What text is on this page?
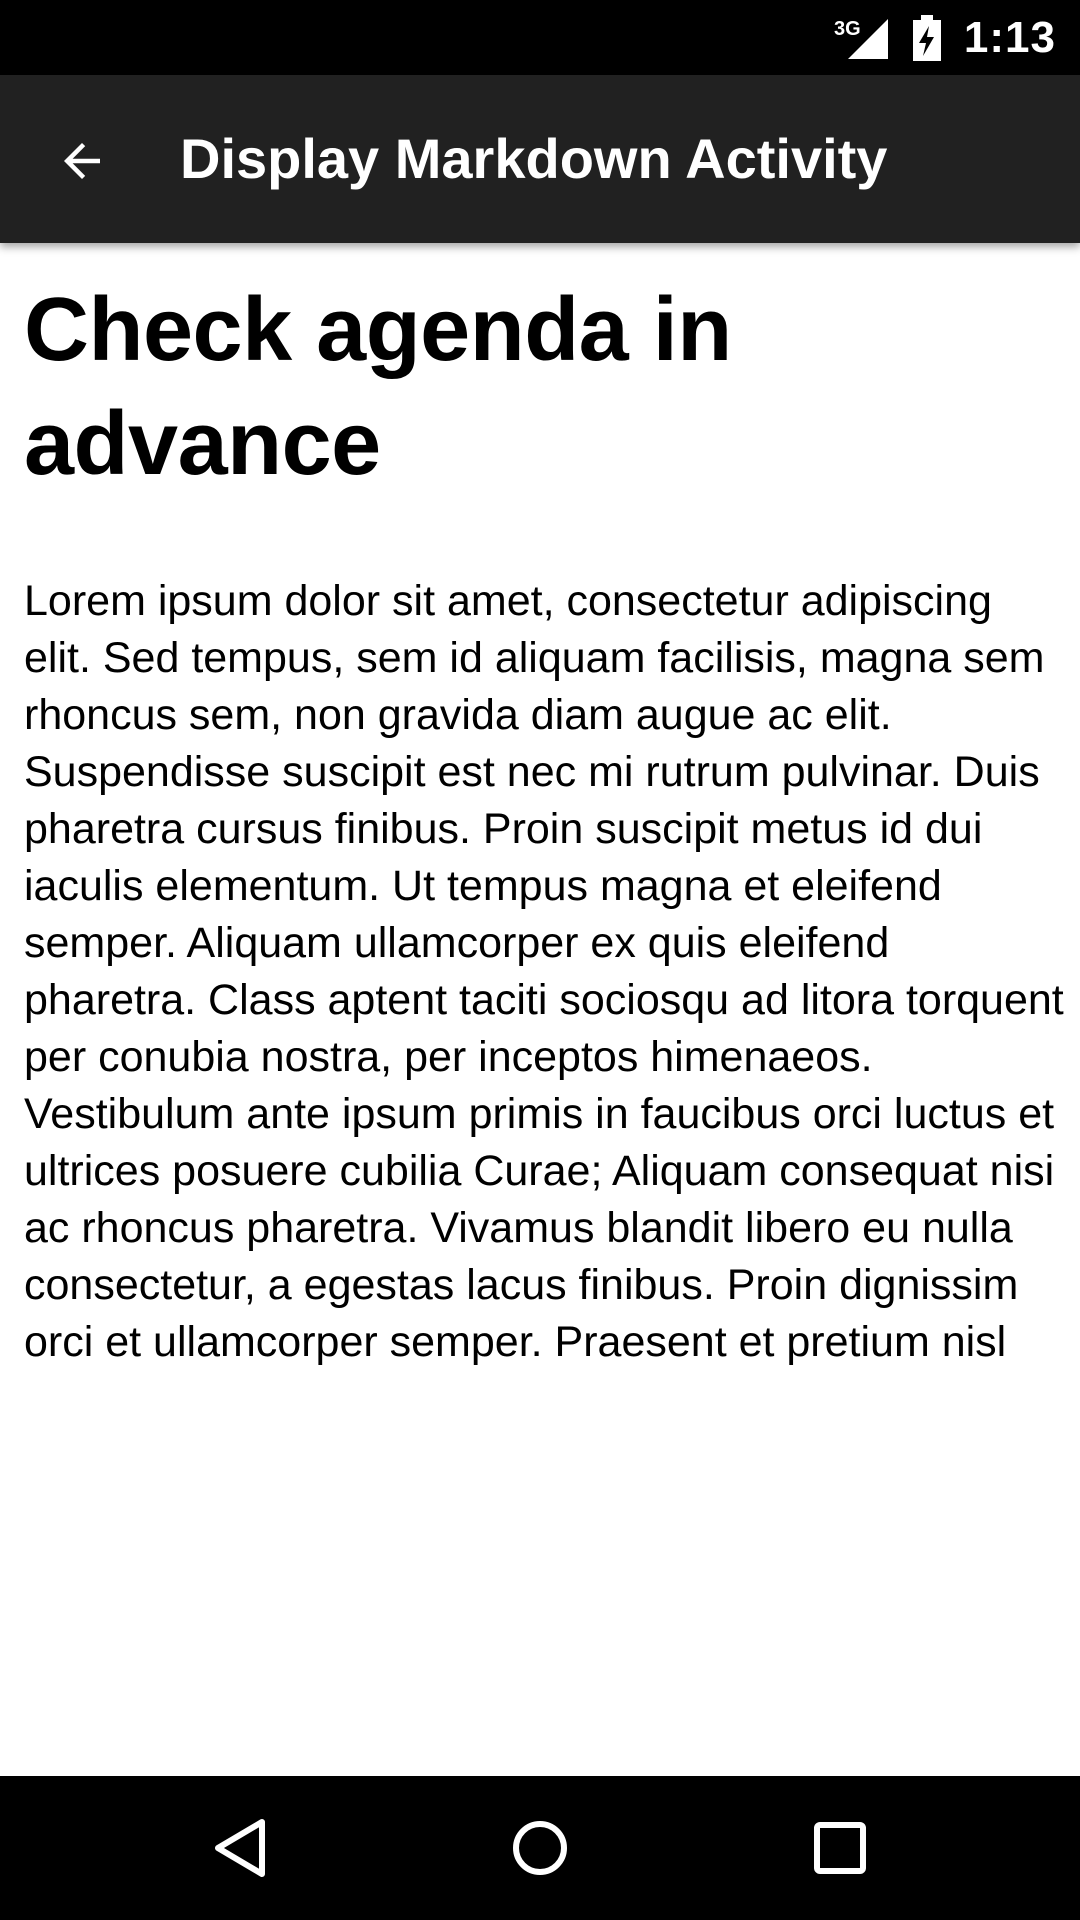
3G 1:13
Display Markdown Activity
Check agenda in advance

Lorem ipsum dolor sit amet, consectetur adipiscing elit. Sed tempus, sem id aliquam facilisis, magna sem rhoncus sem, non gravida diam augue ac elit. Suspendisse suscipit est nec mi rutrum pulvinar. Duis pharetra cursus finibus. Proin suscipit metus id dui iaculis elementum. Ut tempus magna et eleifend semper. Aliquam ullamcorper ex quis eleifend pharetra. Class aptent taciti sociosqu ad litora torquent per conubia nostra, per inceptos himenaeos. Vestibulum ante ipsum primis in faucibus orci luctus et ultrices posuere cubilia Curae; Aliquam consequat nisi ac rhoncus pharetra. Vivamus blandit libero eu nulla consectetur, a egestas lacus finibus. Proin dignissim orci et ullamcorper semper. Praesent et pretium nisl
